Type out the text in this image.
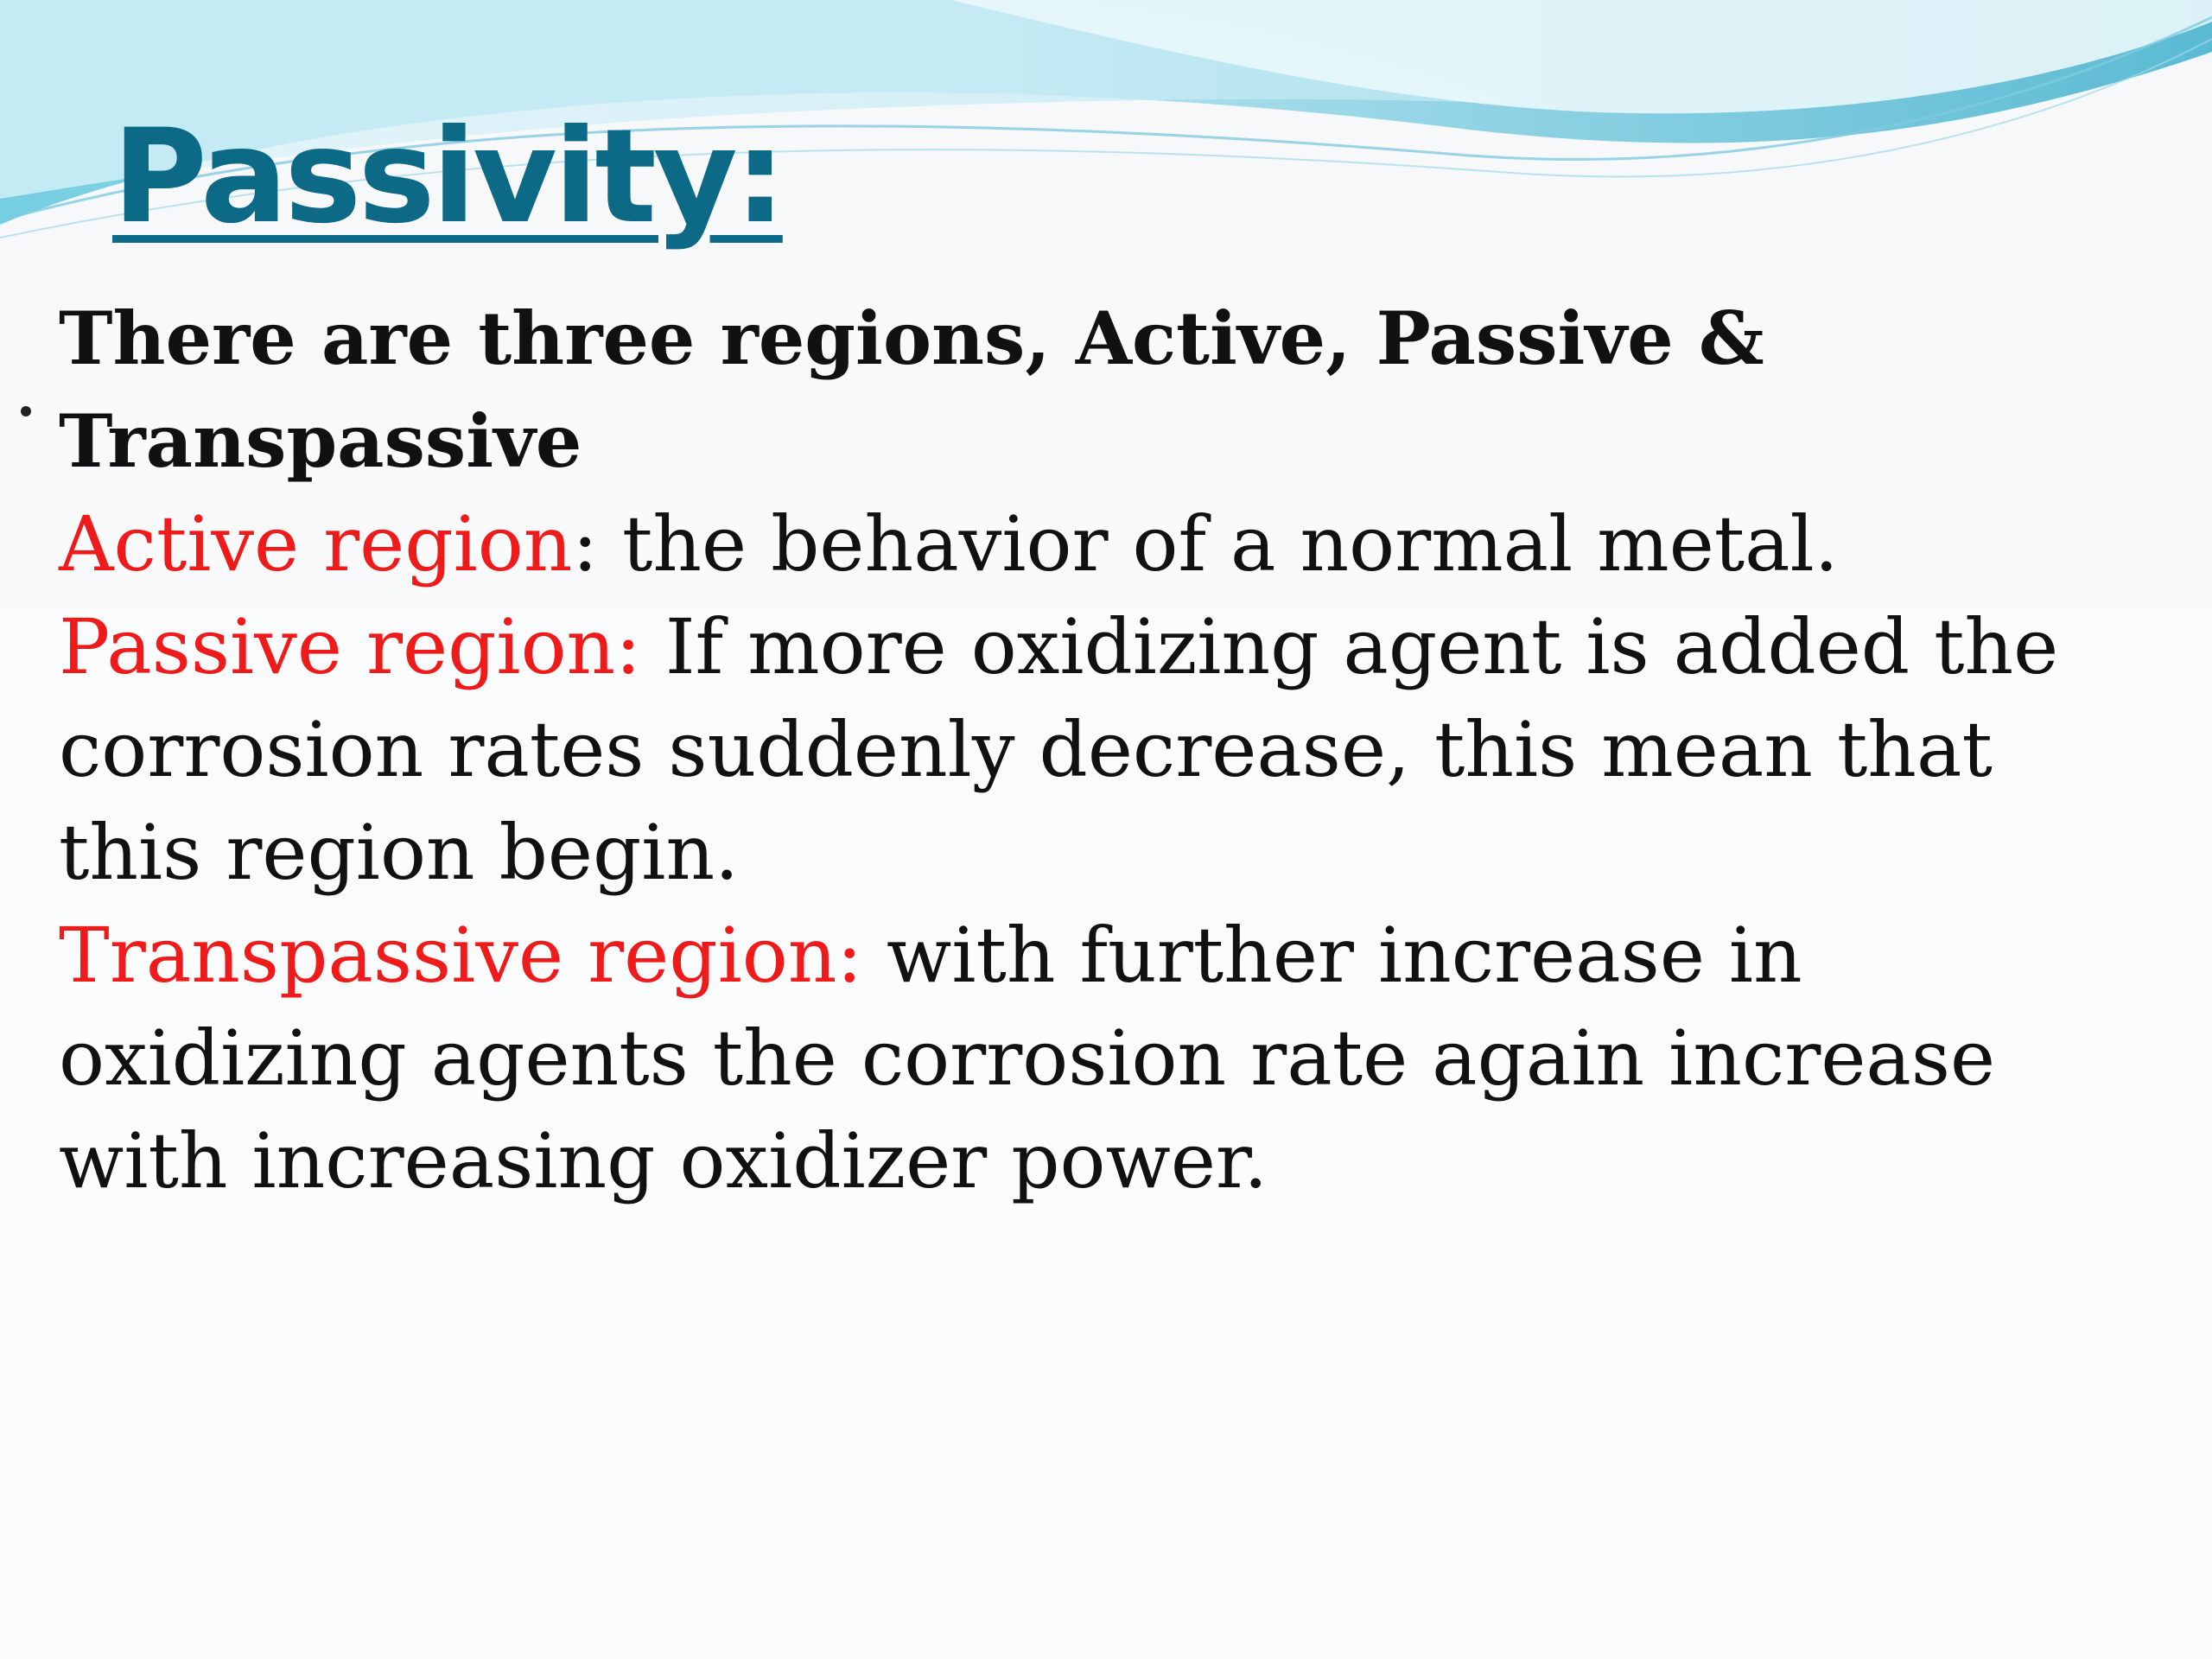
Passivity:

There are three regions, Active, Passive & Transpassive

Active region: the behavior of a normal metal.

Passive region: If more oxidizing agent is added the corrosion rates suddenly decrease, this mean that this region begin.

Transpassive region: with further increase in oxidizing agents the corrosion rate again increase with increasing oxidizer power.
